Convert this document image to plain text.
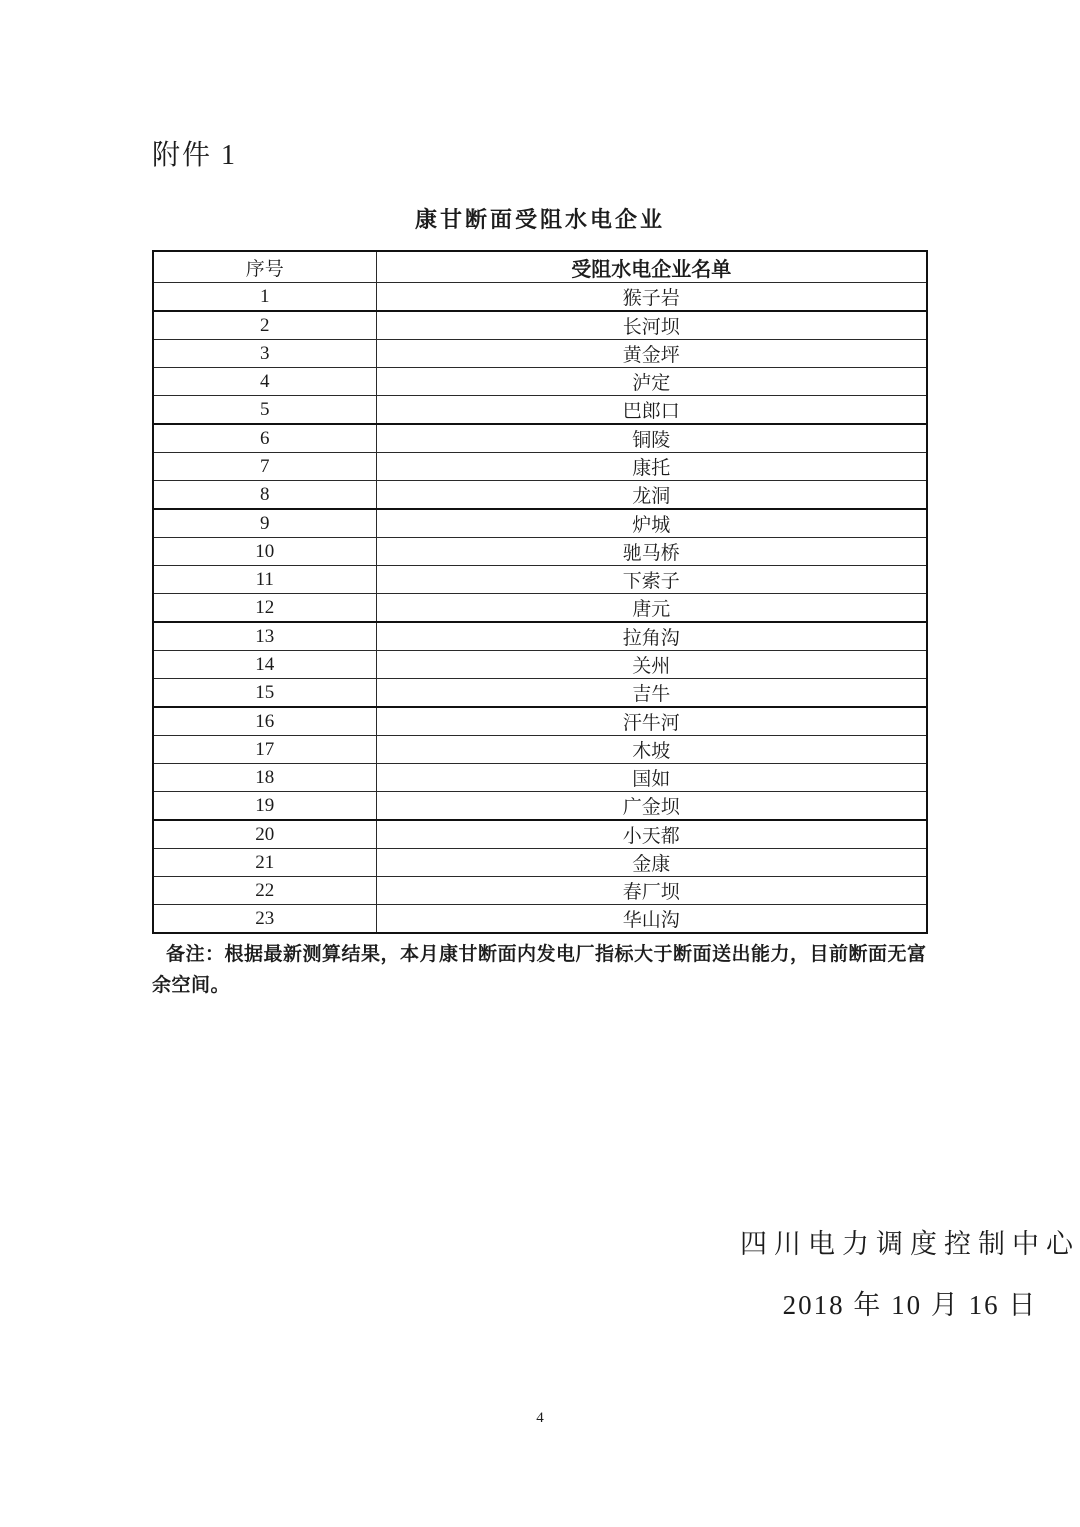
附件 1
康甘断面受阻水电企业
序号	受阻水电企业名单
1	猴子岩
2	长河坝
3	黄金坪
4	泸定
5	巴郎口
6	铜陵
7	康托
8	龙洞
9	炉城
10	驰马桥
11	下索子
12	唐元
13	拉角沟
14	关州
15	吉牛
16	汗牛河
17	木坡
18	国如
19	广金坝
20	小天都
21	金康
22	春厂坝
23	华山沟
备注：根据最新测算结果，本月康甘断面内发电厂指标大于断面送出能力，目前断面无富余空间。
四川电力调度控制中心
2018 年 10 月 16 日
4
